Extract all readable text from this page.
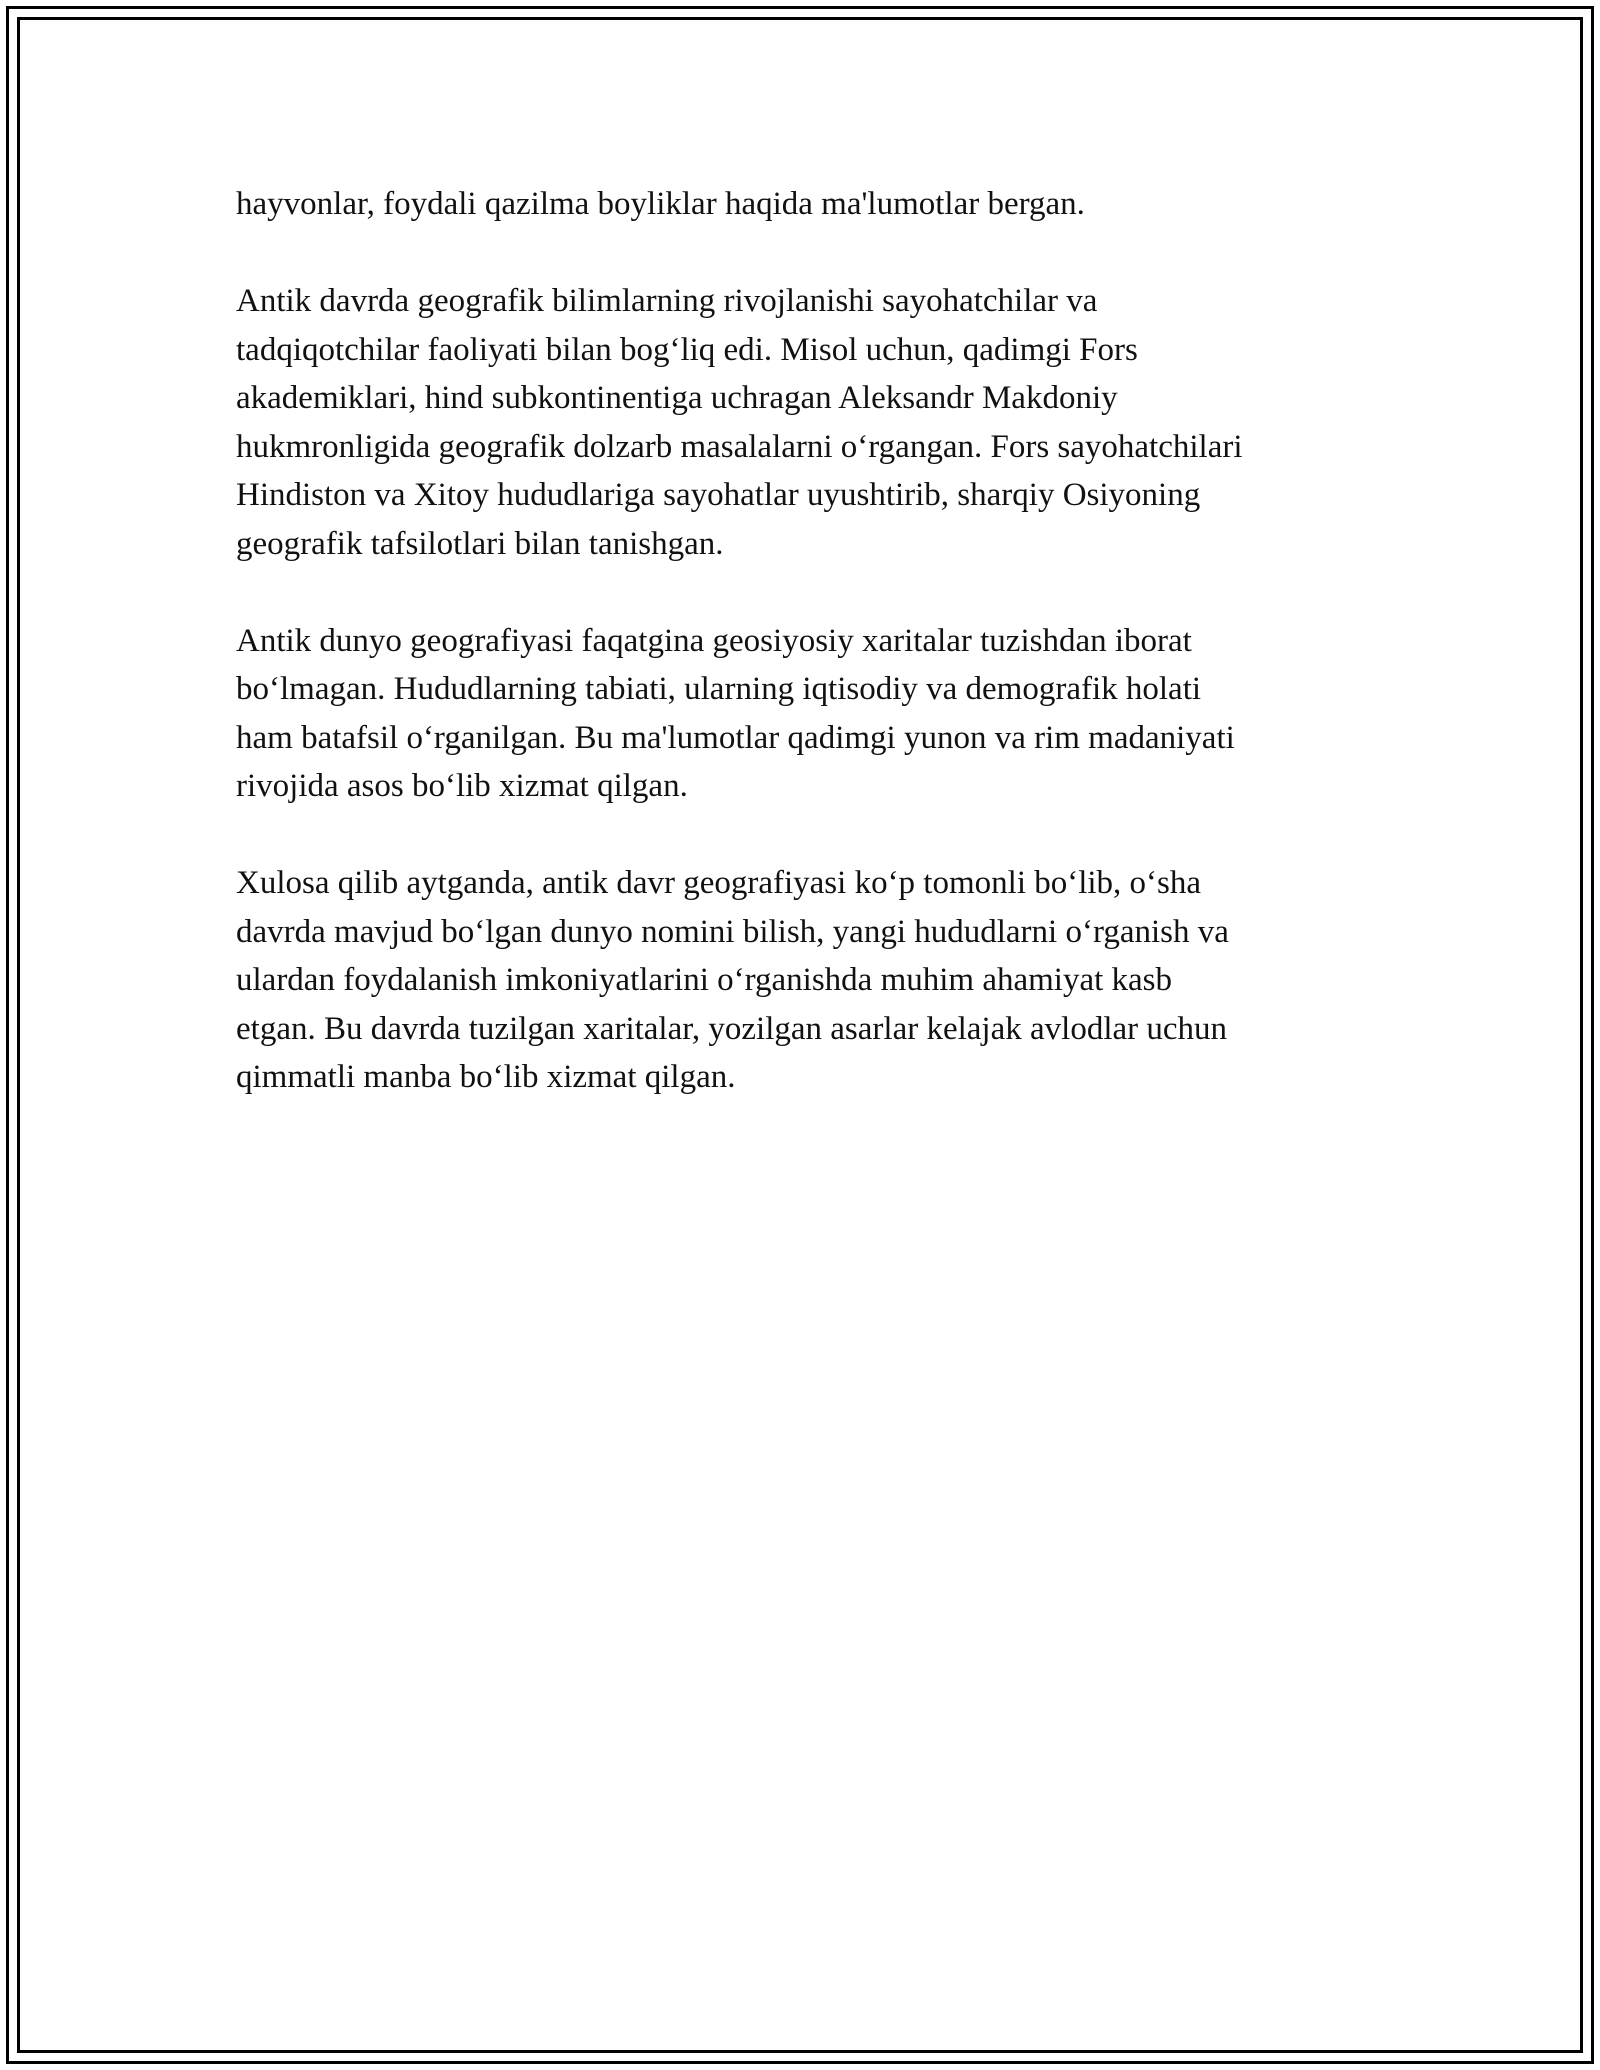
hayvonlar, foydali qazilma boyliklar haqida ma'lumotlar bergan.

Antik davrda geografik bilimlarning rivojlanishi sayohatchilar va
tadqiqotchilar faoliyati bilan bog‘liq edi. Misol uchun, qadimgi Fors
akademiklari, hind subkontinentiga uchragan Aleksandr Makdoniy
hukmronligida geografik dolzarb masalalarni o‘rgangan. Fors sayohatchilari
Hindiston va Xitoy hududlariga sayohatlar uyushtirib, sharqiy Osiyoning
geografik tafsilotlari bilan tanishgan.

Antik dunyo geografiyasi faqatgina geosiyosiy xaritalar tuzishdan iborat
bo‘lmagan. Hududlarning tabiati, ularning iqtisodiy va demografik holati
ham batafsil o‘rganilgan. Bu ma'lumotlar qadimgi yunon va rim madaniyati
rivojida asos bo‘lib xizmat qilgan.

Xulosa qilib aytganda, antik davr geografiyasi ko‘p tomonli bo‘lib, o‘sha
davrda mavjud bo‘lgan dunyo nomini bilish, yangi hududlarni o‘rganish va
ulardan foydalanish imkoniyatlarini o‘rganishda muhim ahamiyat kasb
etgan. Bu davrda tuzilgan xaritalar, yozilgan asarlar kelajak avlodlar uchun
qimmatli manba bo‘lib xizmat qilgan.
